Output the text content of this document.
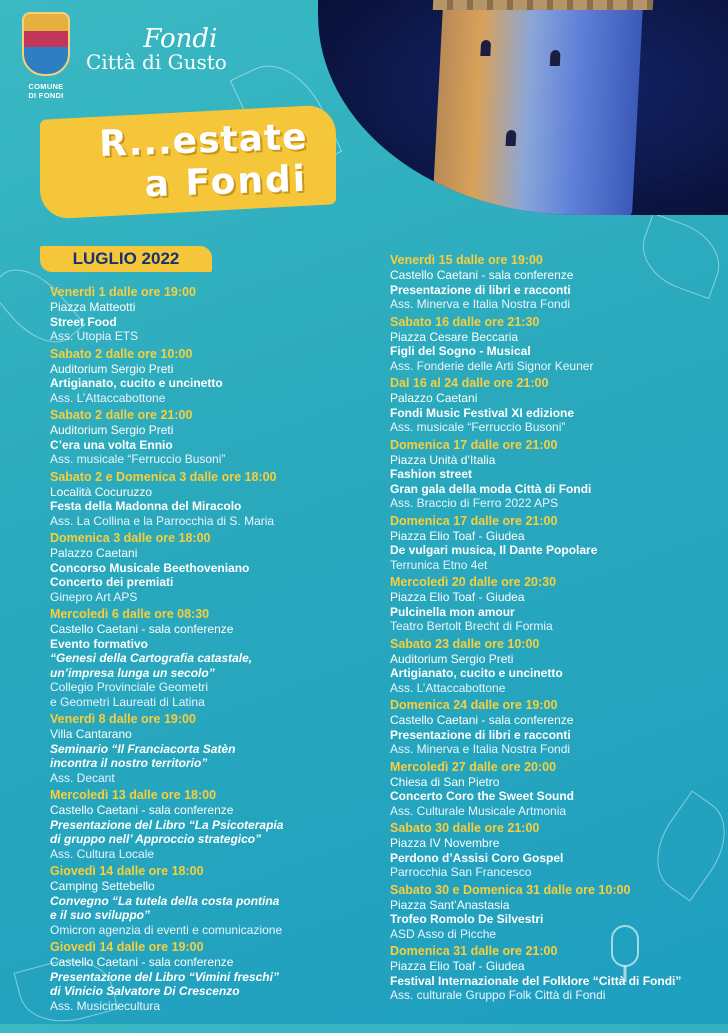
COMUNE
DI FONDI
Fondi
Città di Gusto
R...estate
a Fondi
LUGLIO 2022
Venerdì 1 dalle ore 19:00
Piazza Matteotti
Street Food
Ass. Utopia ETS
Sabato 2 dalle ore 10:00
Auditorium Sergio Preti
Artigianato, cucito e uncinetto
Ass. L’Attaccabottone
Sabato 2 dalle ore 21:00
Auditorium Sergio Preti
C’era una volta Ennio
Ass. musicale “Ferruccio Busoni”
Sabato 2 e Domenica 3 dalle ore 18:00
Località Cocuruzzo
Festa della Madonna del Miracolo
Ass. La Collina e la Parrocchia di S. Maria
Domenica 3 dalle ore 18:00
Palazzo Caetani
Concorso Musicale Beethoveniano
Concerto dei premiati
Ginepro Art APS
Mercoledì 6 dalle ore 08:30
Castello Caetani - sala conferenze
Evento formativo
“Genesi della Cartografia catastale,
un’impresa lunga un secolo”
Collegio Provinciale Geometri
e Geometri Laureati di Latina
Venerdì 8 dalle ore 19:00
Villa Cantarano
Seminario “Il Franciacorta Satèn
incontra il nostro territorio”
Ass. Decant
Mercoledì 13 dalle ore 18:00
Castello Caetani - sala conferenze
Presentazione del Libro “La Psicoterapia
di gruppo nell’ Approccio strategico”
Ass. Cultura Locale
Giovedì 14 dalle ore 18:00
Camping Settebello
Convegno “La tutela della costa pontina
e il suo sviluppo”
Omicron agenzia di eventi e comunicazione
Giovedì 14 dalle ore 19:00
Castello Caetani - sala conferenze
Presentazione del Libro “Vimini freschi”
di Vinicio Salvatore Di Crescenzo
Ass. Musicinecultura
Venerdì 15 dalle ore 19:00
Castello Caetani - sala conferenze
Presentazione di libri e racconti
Ass. Minerva e Italia Nostra Fondi
Sabato 16 dalle ore 21:30
Piazza Cesare Beccaria
Figli del Sogno - Musical
Ass. Fonderie delle Arti Signor Keuner
Dal 16 al 24 dalle ore 21:00
Palazzo Caetani
Fondi Music Festival XI edizione
Ass. musicale “Ferruccio Busoni”
Domenica 17 dalle ore 21:00
Piazza Unità d’Italia
Fashion street
Gran gala della moda Città di Fondi
Ass. Braccio di Ferro 2022 APS
Domenica 17 dalle ore 21:00
Piazza Elio Toaf - Giudea
De vulgari musica, Il Dante Popolare
Terrunica Etno 4et
Mercoledì 20 dalle ore 20:30
Piazza Elio Toaf - Giudea
Pulcinella mon amour
Teatro Bertolt Brecht di Formia
Sabato 23 dalle ore 10:00
Auditorium Sergio Preti
Artigianato, cucito e uncinetto
Ass. L’Attaccabottone
Domenica 24 dalle ore 19:00
Castello Caetani - sala conferenze
Presentazione di libri e racconti
Ass. Minerva e Italia Nostra Fondi
Mercoledì 27 dalle ore 20:00
Chiesa di San Pietro
Concerto Coro the Sweet Sound
Ass. Culturale Musicale Artmonia
Sabato 30 dalle ore 21:00
Piazza IV Novembre
Perdono d’Assisi Coro Gospel
Parrocchia San Francesco
Sabato 30 e Domenica 31 dalle ore 10:00
Piazza Sant’Anastasia
Trofeo Romolo De Silvestri
ASD Asso di Picche
Domenica 31 dalle ore 21:00
Piazza Elio Toaf - Giudea
Festival Internazionale del Folklore “Città di Fondi”
Ass. culturale Gruppo Folk Città di Fondi
